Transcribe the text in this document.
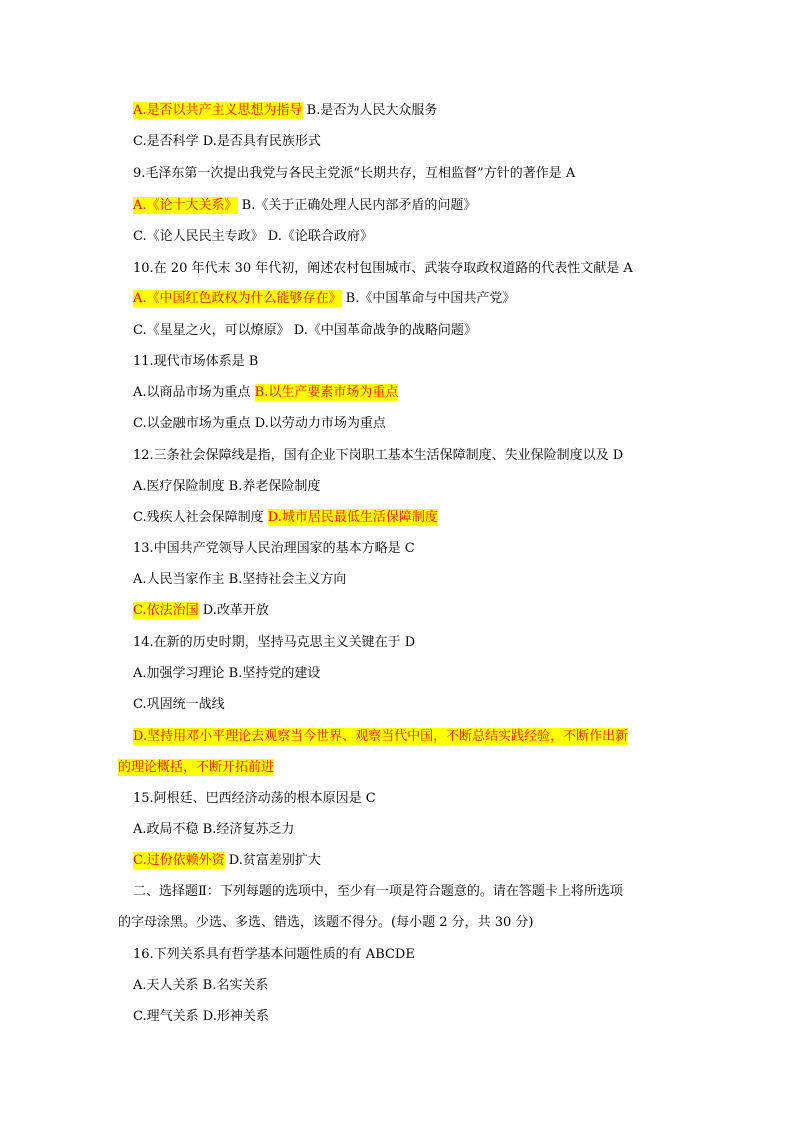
A.是否以共产主义思想为指导 B.是否为人民大众服务
C.是否科学 D.是否具有民族形式
9.毛泽东第一次提出我党与各民主党派“长期共存，互相监督”方针的著作是 A
A.《论十大关系》 B.《关于正确处理人民内部矛盾的问题》
C.《论人民民主专政》 D.《论联合政府》
10.在 20 年代末 30 年代初，阐述农村包围城市、武装夺取政权道路的代表性文献是 A
A.《中国红色政权为什么能够存在》 B.《中国革命与中国共产党》
C.《星星之火，可以燎原》 D.《中国革命战争的战略问题》
11.现代市场体系是 B
A.以商品市场为重点 B.以生产要素市场为重点
C.以金融市场为重点 D.以劳动力市场为重点
12.三条社会保障线是指，国有企业下岗职工基本生活保障制度、失业保险制度以及 D
A.医疗保险制度 B.养老保险制度
C.残疾人社会保障制度 D.城市居民最低生活保障制度
13.中国共产党领导人民治理国家的基本方略是 C
A.人民当家作主 B.坚持社会主义方向
C.依法治国 D.改革开放
14.在新的历史时期，坚持马克思主义关键在于 D
A.加强学习理论 B.坚持党的建设
C.巩固统一战线
D.坚持用邓小平理论去观察当今世界、观察当代中国，不断总结实践经验，不断作出新
的理论概括，不断开拓前进
15.阿根廷、巴西经济动荡的根本原因是 C
A.政局不稳 B.经济复苏乏力
C.过份依赖外资 D.贫富差别扩大
二、选择题Ⅱ：下列每题的选项中，至少有一项是符合题意的。请在答题卡上将所选项
的字母涂黑。少选、多选、错选，该题不得分。(每小题 2 分，共 30 分)
16.下列关系具有哲学基本问题性质的有 ABCDE
A.天人关系 B.名实关系
C.理气关系 D.形神关系
